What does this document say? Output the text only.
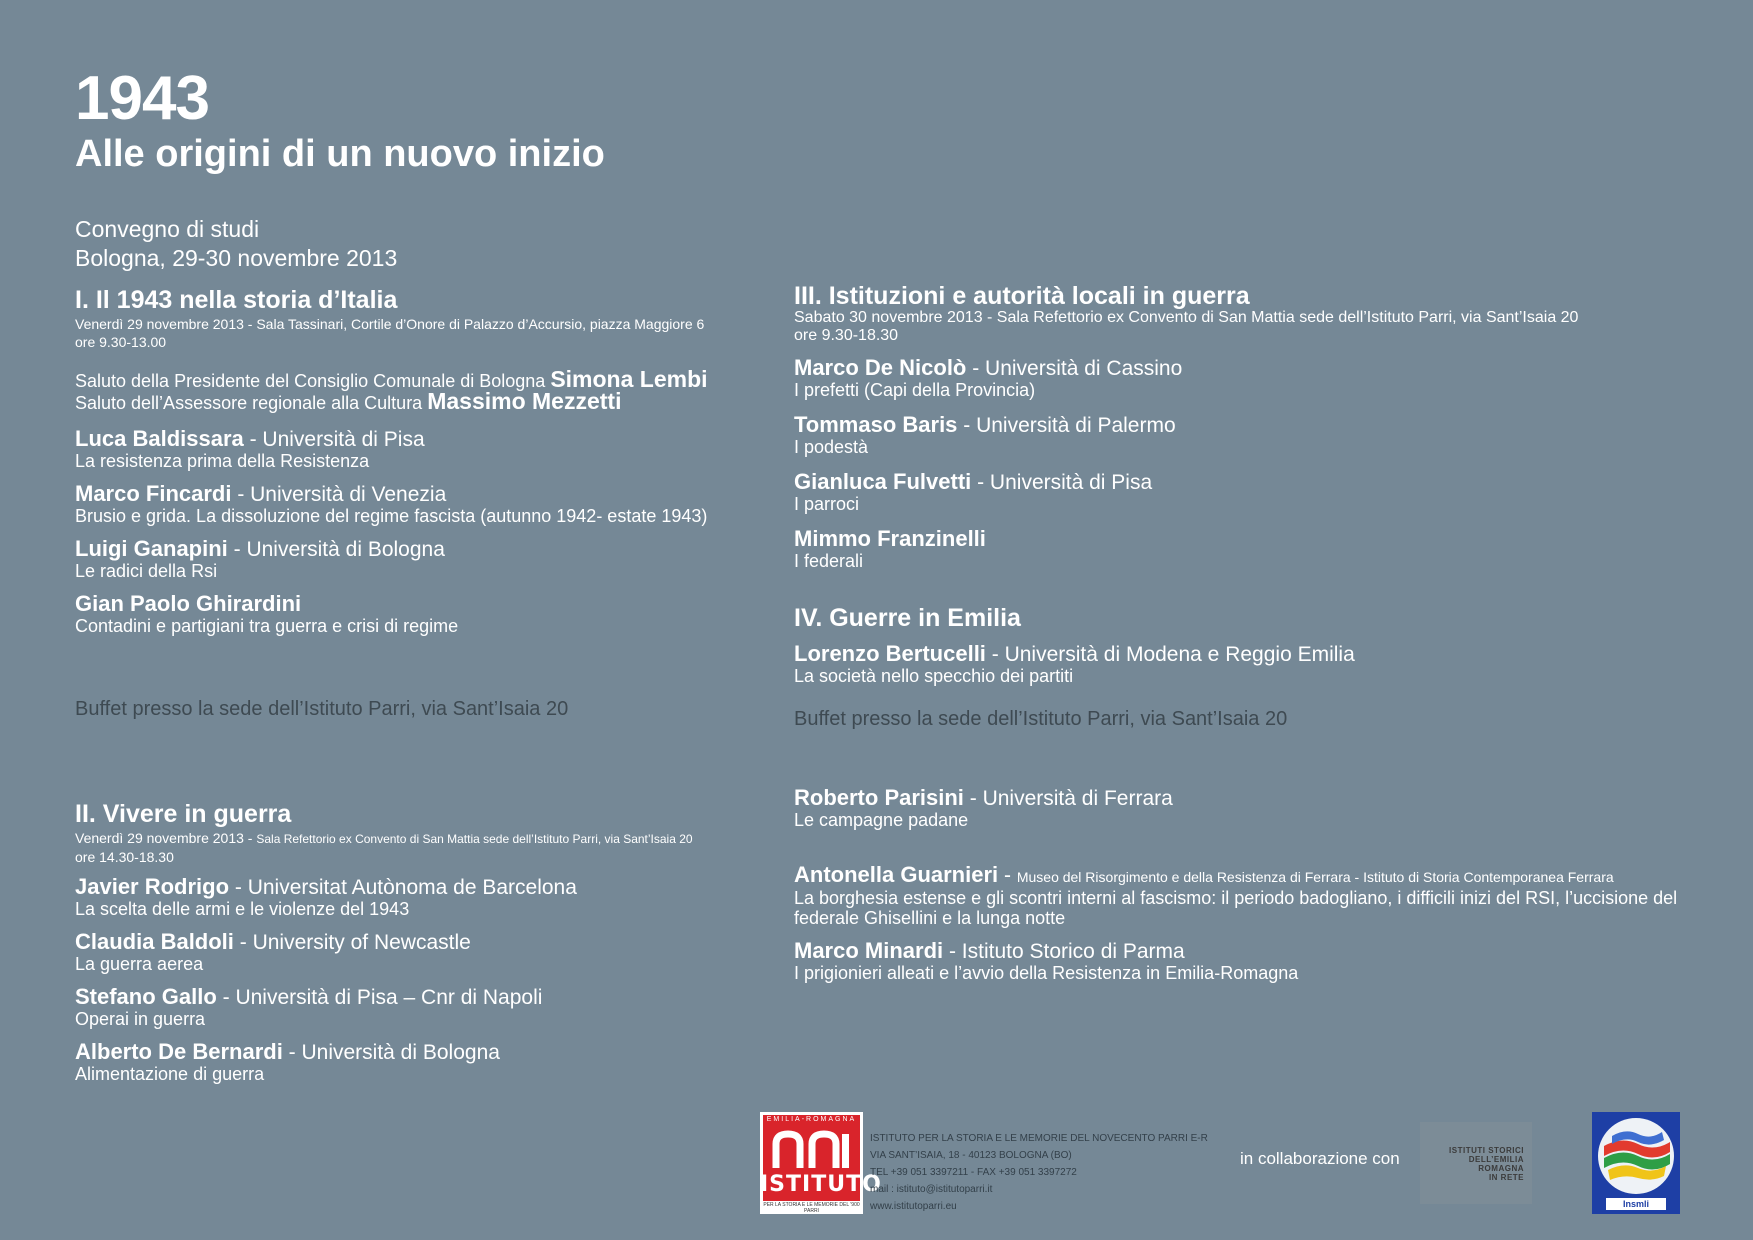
1943
Alle origini di un nuovo inizio
Convegno di studi
Bologna, 29-30 novembre 2013
I. Il 1943 nella storia d’Italia
Venerdì 29 novembre 2013 - Sala Tassinari, Cortile d’Onore di Palazzo d’Accursio, piazza Maggiore 6
ore 9.30-13.00
Saluto della Presidente del Consiglio Comunale di Bologna Simona Lembi
Saluto dell’Assessore regionale alla Cultura Massimo Mezzetti
Luca Baldissara - Università di Pisa
La resistenza prima della Resistenza
Marco Fincardi - Università di Venezia
Brusio e grida. La dissoluzione del regime fascista (autunno 1942- estate 1943)
Luigi Ganapini - Università di Bologna
Le radici della Rsi
Gian Paolo Ghirardini
Contadini e partigiani tra guerra e crisi di regime
Buffet presso la sede dell’Istituto Parri, via Sant’Isaia 20
II. Vivere in guerra
Venerdì 29 novembre 2013 - Sala Refettorio ex Convento di San Mattia sede dell’Istituto Parri, via Sant’Isaia 20
ore 14.30-18.30
Javier Rodrigo - Universitat Autònoma de Barcelona
La scelta delle armi e le violenze del 1943
Claudia Baldoli - University of Newcastle
La guerra aerea
Stefano Gallo - Università di Pisa – Cnr di Napoli
Operai in guerra
Alberto De Bernardi - Università di Bologna
Alimentazione di guerra
III. Istituzioni e autorità locali in guerra
Sabato 30 novembre 2013 - Sala Refettorio ex Convento di San Mattia sede dell’Istituto Parri, via Sant’Isaia 20
ore 9.30-18.30
Marco De Nicolò - Università di Cassino
I prefetti (Capi della Provincia)
Tommaso Baris - Università di Palermo
I podestà
Gianluca Fulvetti - Università di Pisa
I parroci
Mimmo Franzinelli
I federali
IV. Guerre in Emilia
Lorenzo Bertucelli - Università di Modena e Reggio Emilia
La società nello specchio dei partiti
Buffet presso la sede dell’Istituto Parri, via Sant’Isaia 20
Roberto Parisini - Università di Ferrara
Le campagne padane
Antonella Guarnieri - Museo del Risorgimento e della Resistenza di Ferrara - Istituto di Storia Contemporanea Ferrara
La borghesia estense e gli scontri interni al fascismo: il periodo badogliano, i difficili inizi del RSI, l’uccisione del federale Ghisellini e la lunga notte
Marco Minardi - Istituto Storico di Parma
I prigionieri alleati e l’avvio della Resistenza in Emilia-Romagna
EMILIA-ROMAGNA
ISTITUTO
PER LA STORIA E LE MEMORIE DEL '900 PARRI
ISTITUTO PER LA STORIA E LE MEMORIE DEL NOVECENTO PARRI E-R
VIA SANT’ISAIA, 18 - 40123 BOLOGNA (BO)
TEL +39 051 3397211 - FAX +39 051 3397272
mail : istituto@istitutoparri.it
www.istitutoparri.eu
in collaborazione con	ISTITUTI STORICI
DELL’EMILIA
ROMAGNA
IN RETE
Insmli
